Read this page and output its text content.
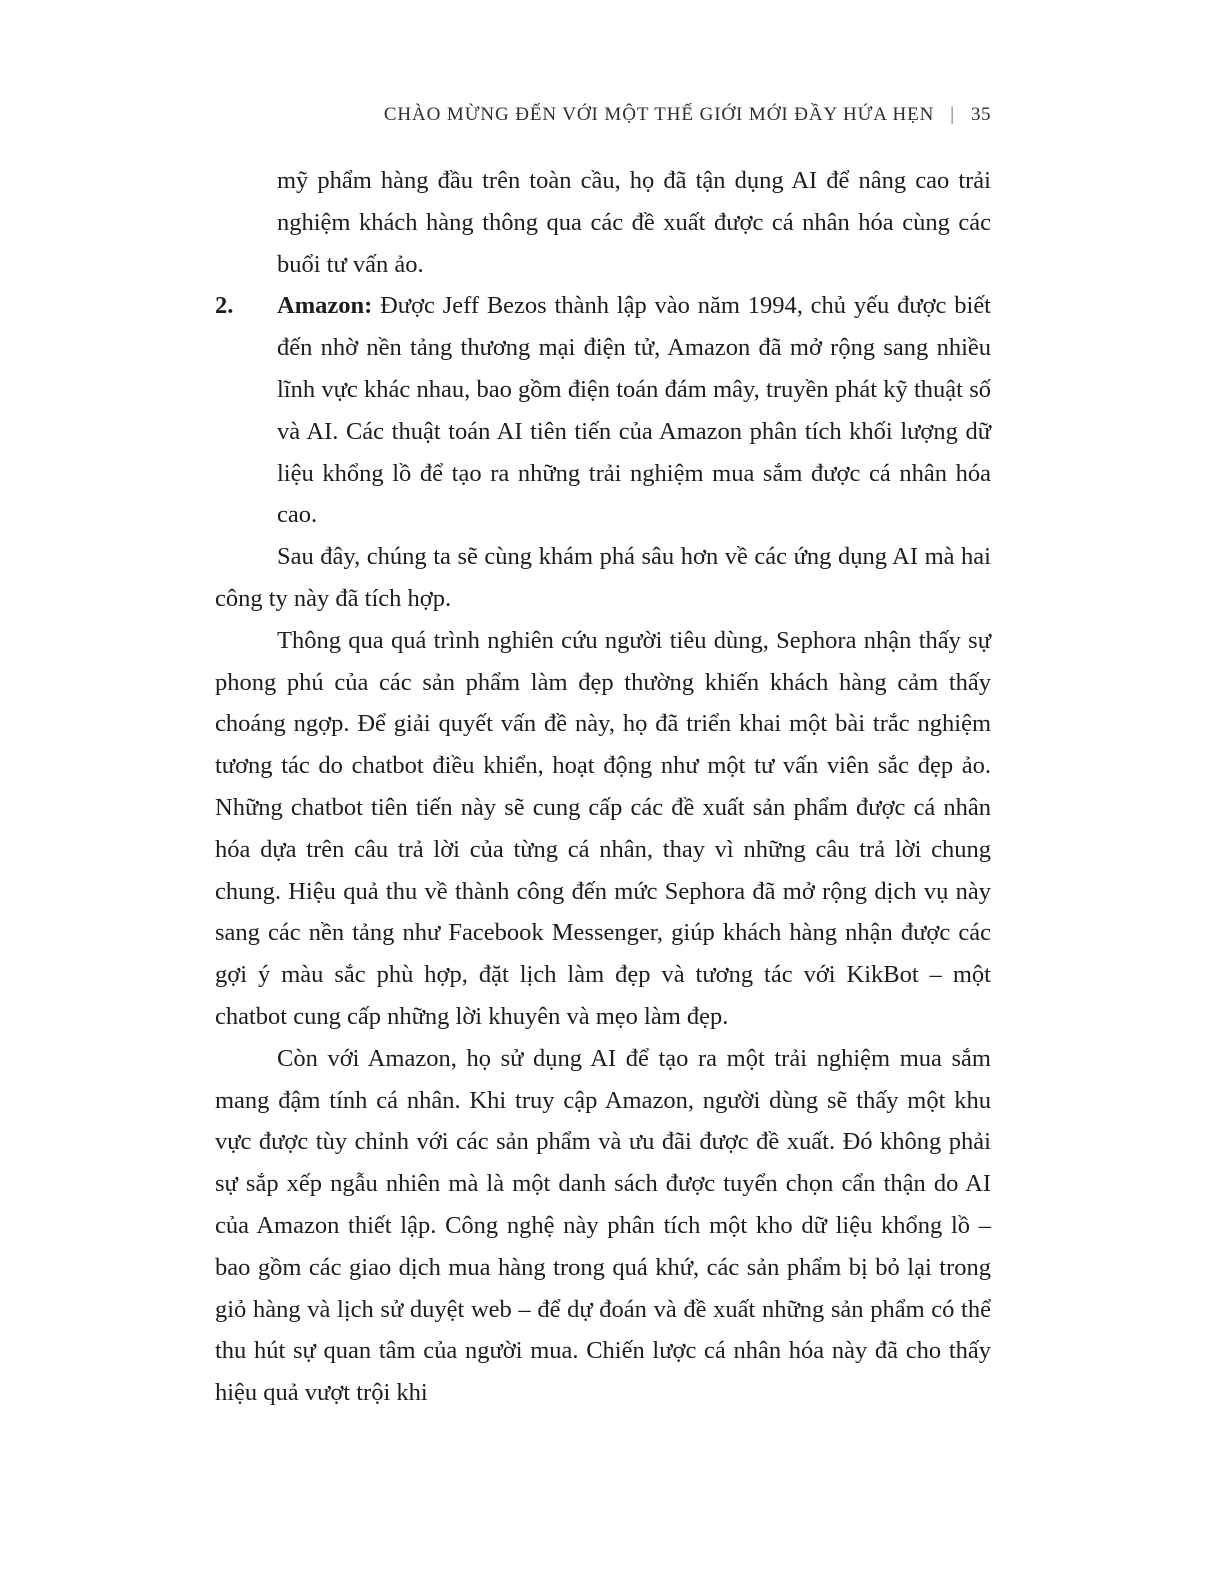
CHÀO MỪNG ĐẾN VỚI MỘT THẾ GIỚI MỚI ĐẦY HỨA HẸN | 35

mỹ phẩm hàng đầu trên toàn cầu, họ đã tận dụng AI để nâng cao trải nghiệm khách hàng thông qua các đề xuất được cá nhân hóa cùng các buổi tư vấn ảo.

2.	Amazon: Được Jeff Bezos thành lập vào năm 1994, chủ yếu được biết đến nhờ nền tảng thương mại điện tử, Amazon đã mở rộng sang nhiều lĩnh vực khác nhau, bao gồm điện toán đám mây, truyền phát kỹ thuật số và AI. Các thuật toán AI tiên tiến của Amazon phân tích khối lượng dữ liệu khổng lồ để tạo ra những trải nghiệm mua sắm được cá nhân hóa cao.

Sau đây, chúng ta sẽ cùng khám phá sâu hơn về các ứng dụng AI mà hai công ty này đã tích hợp.

Thông qua quá trình nghiên cứu người tiêu dùng, Sephora nhận thấy sự phong phú của các sản phẩm làm đẹp thường khiến khách hàng cảm thấy choáng ngợp. Để giải quyết vấn đề này, họ đã triển khai một bài trắc nghiệm tương tác do chatbot điều khiển, hoạt động như một tư vấn viên sắc đẹp ảo. Những chatbot tiên tiến này sẽ cung cấp các đề xuất sản phẩm được cá nhân hóa dựa trên câu trả lời của từng cá nhân, thay vì những câu trả lời chung chung. Hiệu quả thu về thành công đến mức Sephora đã mở rộng dịch vụ này sang các nền tảng như Facebook Messenger, giúp khách hàng nhận được các gợi ý màu sắc phù hợp, đặt lịch làm đẹp và tương tác với KikBot – một chatbot cung cấp những lời khuyên và mẹo làm đẹp.

Còn với Amazon, họ sử dụng AI để tạo ra một trải nghiệm mua sắm mang đậm tính cá nhân. Khi truy cập Amazon, người dùng sẽ thấy một khu vực được tùy chỉnh với các sản phẩm và ưu đãi được đề xuất. Đó không phải sự sắp xếp ngẫu nhiên mà là một danh sách được tuyển chọn cẩn thận do AI của Amazon thiết lập. Công nghệ này phân tích một kho dữ liệu khổng lồ – bao gồm các giao dịch mua hàng trong quá khứ, các sản phẩm bị bỏ lại trong giỏ hàng và lịch sử duyệt web – để dự đoán và đề xuất những sản phẩm có thể thu hút sự quan tâm của người mua. Chiến lược cá nhân hóa này đã cho thấy hiệu quả vượt trội khi
